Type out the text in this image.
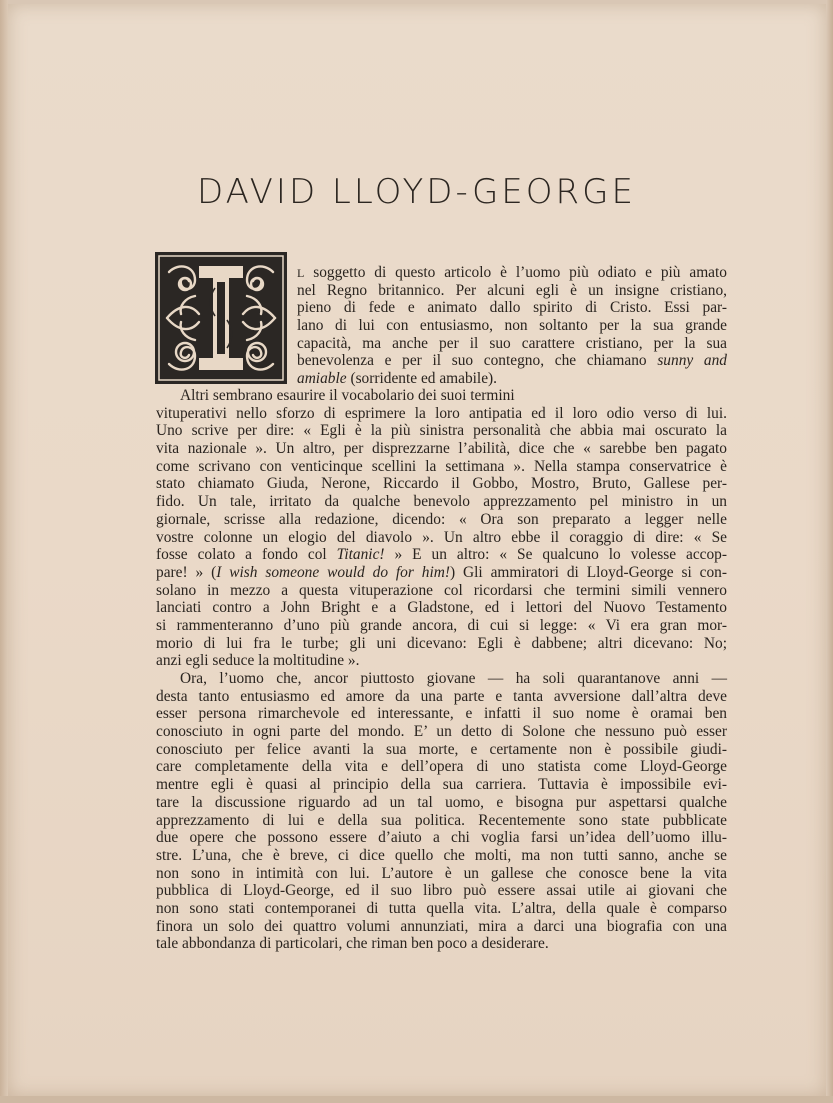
DAVID LLOYD-GEORGE
L soggetto di questo articolo è l’uomo più odiato e più amato
nel Regno britannico. Per alcuni egli è un insigne cristiano,
pieno di fede e animato dallo spirito di Cristo. Essi par-
lano di lui con entusiasmo, non soltanto per la sua grande
capacità, ma anche per il suo carattere cristiano, per la sua
benevolenza e per il suo contegno, che chiamano sunny and
amiable (sorridente ed amabile).
Altri sembrano esaurire il vocabolario dei suoi termini
vituperativi nello sforzo di esprimere la loro antipatia ed il loro odio verso di lui.
Uno scrive per dire: « Egli è la più sinistra personalità che abbia mai oscurato la
vita nazionale ». Un altro, per disprezzarne l’abilità, dice che « sarebbe ben pagato
come scrivano con venticinque scellini la settimana ». Nella stampa conservatrice è
stato chiamato Giuda, Nerone, Riccardo il Gobbo, Mostro, Bruto, Gallese per-
fido. Un tale, irritato da qualche benevolo apprezzamento pel ministro in un
giornale, scrisse alla redazione, dicendo: « Ora son preparato a legger nelle
vostre colonne un elogio del diavolo ». Un altro ebbe il coraggio di dire: « Se
fosse colato a fondo col Titanic! » E un altro: « Se qualcuno lo volesse accop-
pare! » (I wish someone would do for him!) Gli ammiratori di Lloyd-George si con-
solano in mezzo a questa vituperazione col ricordarsi che termini simili vennero
lanciati contro a John Bright e a Gladstone, ed i lettori del Nuovo Testamento
si rammenteranno d’uno più grande ancora, di cui si legge: « Vi era gran mor-
morio di lui fra le turbe; gli uni dicevano: Egli è dabbene; altri dicevano: No;
anzi egli seduce la moltitudine ».
Ora, l’uomo che, ancor piuttosto giovane — ha soli quarantanove anni —
desta tanto entusiasmo ed amore da una parte e tanta avversione dall’altra deve
esser persona rimarchevole ed interessante, e infatti il suo nome è oramai ben
conosciuto in ogni parte del mondo. E’ un detto di Solone che nessuno può esser
conosciuto per felice avanti la sua morte, e certamente non è possibile giudi-
care completamente della vita e dell’opera di uno statista come Lloyd-George
mentre egli è quasi al principio della sua carriera. Tuttavia è impossibile evi-
tare la discussione riguardo ad un tal uomo, e bisogna pur aspettarsi qualche
apprezzamento di lui e della sua politica. Recentemente sono state pubblicate
due opere che possono essere d’aiuto a chi voglia farsi un’idea dell’uomo illu-
stre. L’una, che è breve, ci dice quello che molti, ma non tutti sanno, anche se
non sono in intimità con lui. L’autore è un gallese che conosce bene la vita
pubblica di Lloyd-George, ed il suo libro può essere assai utile ai giovani che
non sono stati contemporanei di tutta quella vita. L’altra, della quale è comparso
finora un solo dei quattro volumi annunziati, mira a darci una biografia con una
tale abbondanza di particolari, che riman ben poco a desiderare.
